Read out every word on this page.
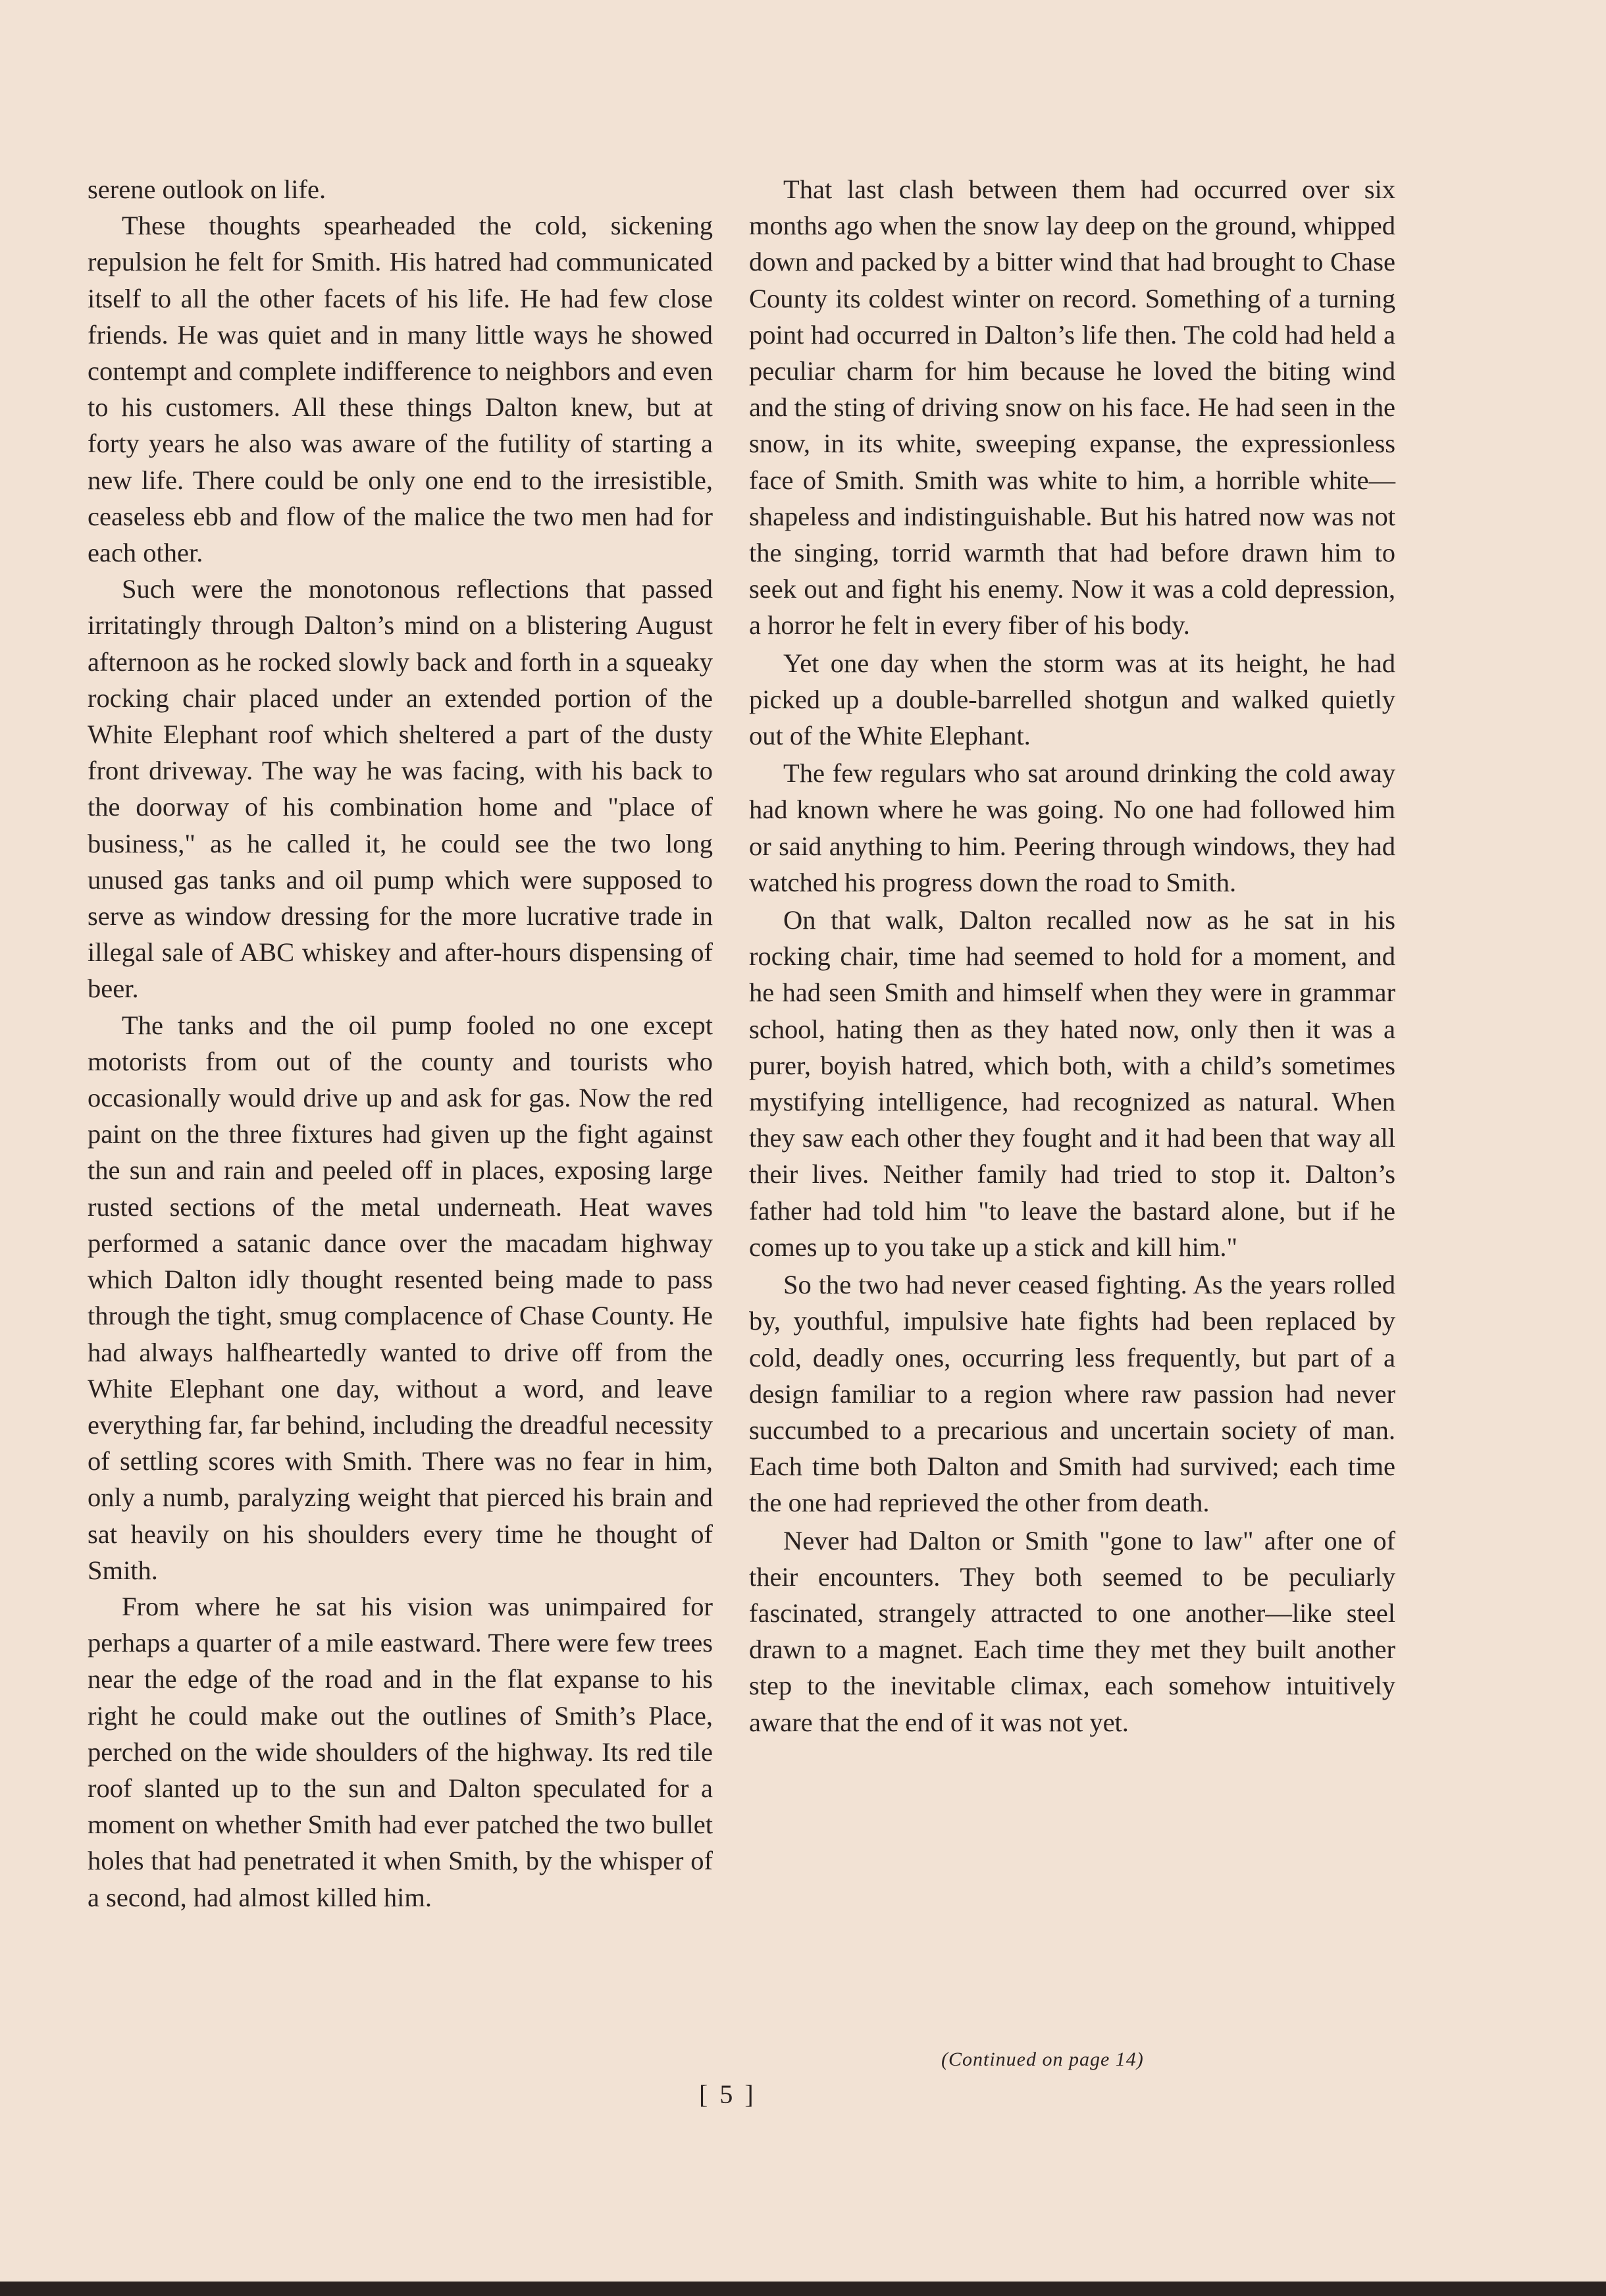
serene outlook on life.

These thoughts spearheaded the cold, sickening repulsion he felt for Smith. His hatred had communicated itself to all the other facets of his life. He had few close friends. He was quiet and in many little ways he showed contempt and complete indifference to neighbors and even to his customers. All these things Dalton knew, but at forty years he also was aware of the futility of starting a new life. There could be only one end to the irresistible, ceaseless ebb and flow of the malice the two men had for each other.

Such were the monotonous reflections that passed irritatingly through Dalton’s mind on a blistering August afternoon as he rocked slowly back and forth in a squeaky rocking chair placed under an extended portion of the White Elephant roof which sheltered a part of the dusty front driveway. The way he was facing, with his back to the doorway of his combination home and "place of business," as he called it, he could see the two long unused gas tanks and oil pump which were supposed to serve as window dressing for the more lucrative trade in illegal sale of ABC whiskey and after-hours dispensing of beer.

The tanks and the oil pump fooled no one except motorists from out of the county and tourists who occasionally would drive up and ask for gas. Now the red paint on the three fixtures had given up the fight against the sun and rain and peeled off in places, exposing large rusted sections of the metal underneath. Heat waves performed a satanic dance over the macadam highway which Dalton idly thought resented being made to pass through the tight, smug complacence of Chase County. He had always halfheartedly wanted to drive off from the White Elephant one day, without a word, and leave everything far, far behind, including the dreadful necessity of settling scores with Smith. There was no fear in him, only a numb, paralyzing weight that pierced his brain and sat heavily on his shoulders every time he thought of Smith.

From where he sat his vision was unimpaired for perhaps a quarter of a mile eastward. There were few trees near the edge of the road and in the flat expanse to his right he could make out the outlines of Smith’s Place, perched on the wide shoulders of the highway. Its red tile roof slanted up to the sun and Dalton speculated for a moment on whether Smith had ever patched the two bullet holes that had penetrated it when Smith, by the whisper of a second, had almost killed him.

That last clash between them had occurred over six months ago when the snow lay deep on the ground, whipped down and packed by a bitter wind that had brought to Chase County its coldest winter on record. Something of a turning point had occurred in Dalton’s life then. The cold had held a peculiar charm for him because he loved the biting wind and the sting of driving snow on his face. He had seen in the snow, in its white, sweeping expanse, the expressionless face of Smith. Smith was white to him, a horrible white—shapeless and indistinguishable. But his hatred now was not the singing, torrid warmth that had before drawn him to seek out and fight his enemy. Now it was a cold depression, a horror he felt in every fiber of his body.

Yet one day when the storm was at its height, he had picked up a double-barrelled shotgun and walked quietly out of the White Elephant.

The few regulars who sat around drinking the cold away had known where he was going. No one had followed him or said anything to him. Peering through windows, they had watched his progress down the road to Smith.

On that walk, Dalton recalled now as he sat in his rocking chair, time had seemed to hold for a moment, and he had seen Smith and himself when they were in grammar school, hating then as they hated now, only then it was a purer, boyish hatred, which both, with a child’s sometimes mystifying intelligence, had recognized as natural. When they saw each other they fought and it had been that way all their lives. Neither family had tried to stop it. Dalton’s father had told him "to leave the bastard alone, but if he comes up to you take up a stick and kill him."

So the two had never ceased fighting. As the years rolled by, youthful, impulsive hate fights had been replaced by cold, deadly ones, occurring less frequently, but part of a design familiar to a region where raw passion had never succumbed to a precarious and uncertain society of man. Each time both Dalton and Smith had survived; each time the one had reprieved the other from death.

Never had Dalton or Smith "gone to law" after one of their encounters. They both seemed to be peculiarly fascinated, strangely attracted to one another—like steel drawn to a magnet. Each time they met they built another step to the inevitable climax, each somehow intuitively aware that the end of it was not yet.

(Continued on page 14)
[ 5 ]
